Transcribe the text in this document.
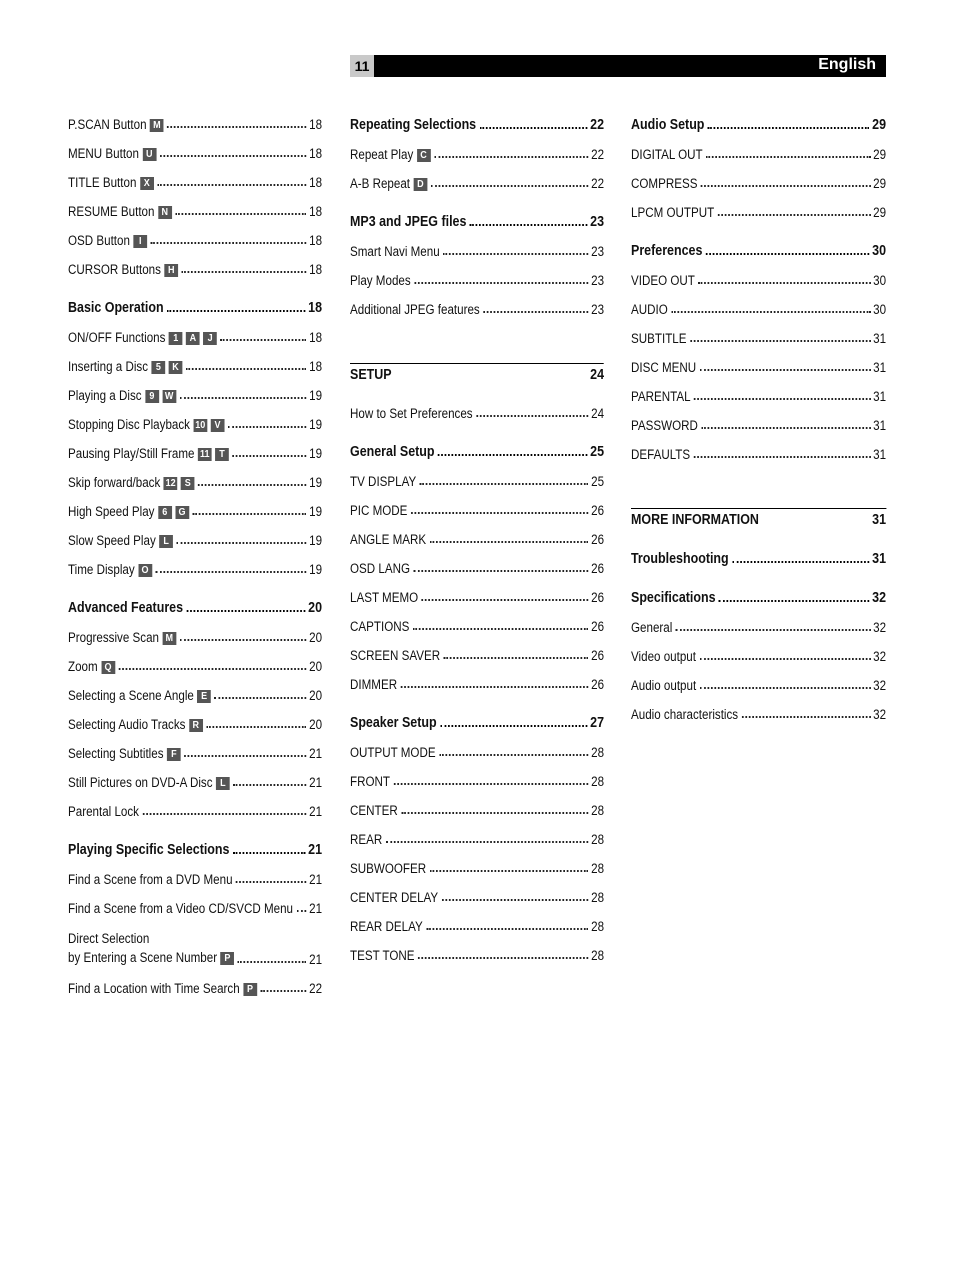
11	English
P.SCAN Button M	18
MENU Button U	18
TITLE Button X	18
RESUME Button N	18
OSD Button I	18
CURSOR Buttons H	18
Basic Operation	18
ON/OFF Functions 1 A J	18
Inserting a Disc 5 K	18
Playing a Disc 9 W	19
Stopping Disc Playback 10 V	19
Pausing Play/Still Frame 11 T	19
Skip forward/back 12 S	19
High Speed Play 6 G	19
Slow Speed Play L	19
Time Display O	19
Advanced Features	20
Progressive Scan M	20
Zoom Q	20
Selecting a Scene Angle E	20
Selecting Audio Tracks R	20
Selecting Subtitles F	21
Still Pictures on DVD-A Disc L	21
Parental Lock	21
Playing Specific Selections	21
Find a Scene from a DVD Menu	21
Find a Scene from a Video CD/SVCD Menu 21
Direct Selection
by Entering a Scene Number P	21
Find a Location with Time Search P	22
Repeating Selections	22
Repeat Play C	22
A-B Repeat D	22
MP3 and JPEG files	23
Smart Navi Menu	23
Play Modes	23
Additional JPEG features	23
SETUP	24
How to Set Preferences	24
General Setup	25
TV DISPLAY	25
PIC MODE	26
ANGLE MARK	26
OSD LANG	26
LAST MEMO	26
CAPTIONS	26
SCREEN SAVER	26
DIMMER	26
Speaker Setup	27
OUTPUT MODE	28
FRONT	28
CENTER	28
REAR	28
SUBWOOFER	28
CENTER DELAY	28
REAR DELAY	28
TEST TONE	28
Audio Setup	29
DIGITAL OUT	29
COMPRESS	29
LPCM OUTPUT	29
Preferences	30
VIDEO OUT	30
AUDIO	30
SUBTITLE	31
DISC MENU	31
PARENTAL	31
PASSWORD	31
DEFAULTS	31
MORE INFORMATION	31
Troubleshooting	31
Specifications	32
General	32
Video output	32
Audio output	32
Audio characteristics	32
